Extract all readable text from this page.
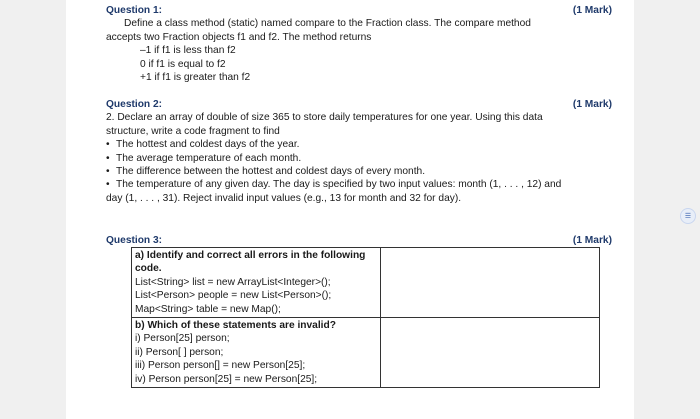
Question 1:	(1 Mark)

Define a class method (static) named compare to the Fraction class. The compare method

accepts two Fraction objects f1 and f2. The method returns

–1 if f1 is less than f2

0 if f1 is equal to f2

+1 if f1 is greater than f2

Question 2:	(1 Mark)

2. Declare an array of double of size 365 to store daily temperatures for one year. Using this data

structure, write a code fragment to find

• The hottest and coldest days of the year.
• The average temperature of each month.
• The difference between the hottest and coldest days of every month.
• The temperature of any given day. The day is specified by two input values: month (1, . . . , 12) and

day (1, . . . , 31). Reject invalid input values (e.g., 13 for month and 32 for day).

Question 3:	(1 Mark)
a) Identify and correct all errors in the following
code.
List<String> list = new ArrayList<Integer>();
List<Person> people = new List<Person>();
Map<String> table = new Map();	

b) Which of these statements are invalid?
i) Person[25] person;
ii) Person[ ] person;
iii) Person person[] = new Person[25];
iv) Person person[25] = new Person[25];	

☰
